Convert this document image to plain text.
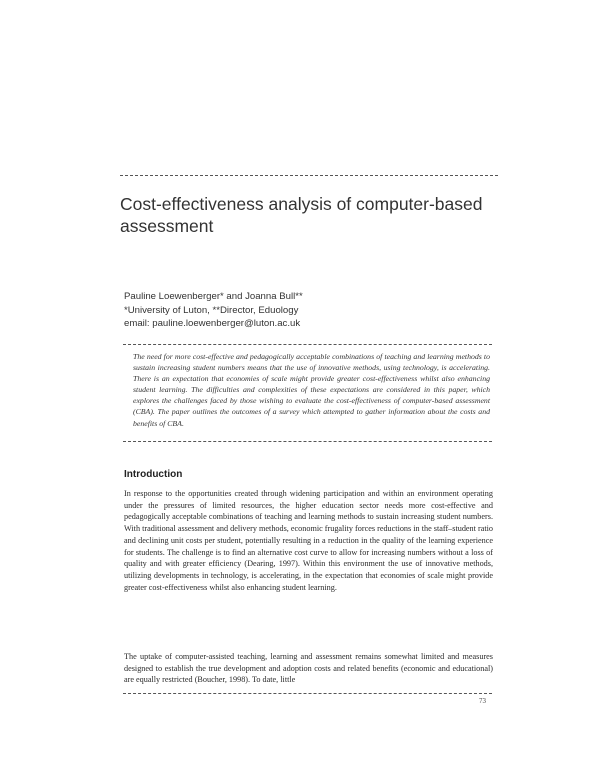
Cost-effectiveness analysis of computer-based assessment
Pauline Loewenberger* and Joanna Bull**
*University of Luton, **Director, Eduology
email: pauline.loewenberger@luton.ac.uk

The need for more cost-effective and pedagogically acceptable combinations of teaching and learning methods to sustain increasing student numbers means that the use of innovative methods, using technology, is accelerating. There is an expectation that economies of scale might provide greater cost-effectiveness whilst also enhancing student learning. The difficulties and complexities of these expectations are considered in this paper, which explores the challenges faced by those wishing to evaluate the cost-effectiveness of computer-based assessment (CBA). The paper outlines the outcomes of a survey which attempted to gather information about the costs and benefits of CBA.

Introduction

In response to the opportunities created through widening participation and within an environment operating under the pressures of limited resources, the higher education sector needs more cost-effective and pedagogically acceptable combinations of teaching and learning methods to sustain increasing student numbers. With traditional assessment and delivery methods, economic frugality forces reductions in the staff–student ratio and declining unit costs per student, potentially resulting in a reduction in the quality of the learning experience for students. The challenge is to find an alternative cost curve to allow for increasing numbers without a loss of quality and with greater efficiency (Dearing, 1997). Within this environment the use of innovative methods, utilizing developments in technology, is accelerating, in the expectation that economies of scale might provide greater cost-effectiveness whilst also enhancing student learning.

The uptake of computer-assisted teaching, learning and assessment remains somewhat limited and measures designed to establish the true development and adoption costs and related benefits (economic and educational) are equally restricted (Boucher, 1998). To date, little

73
